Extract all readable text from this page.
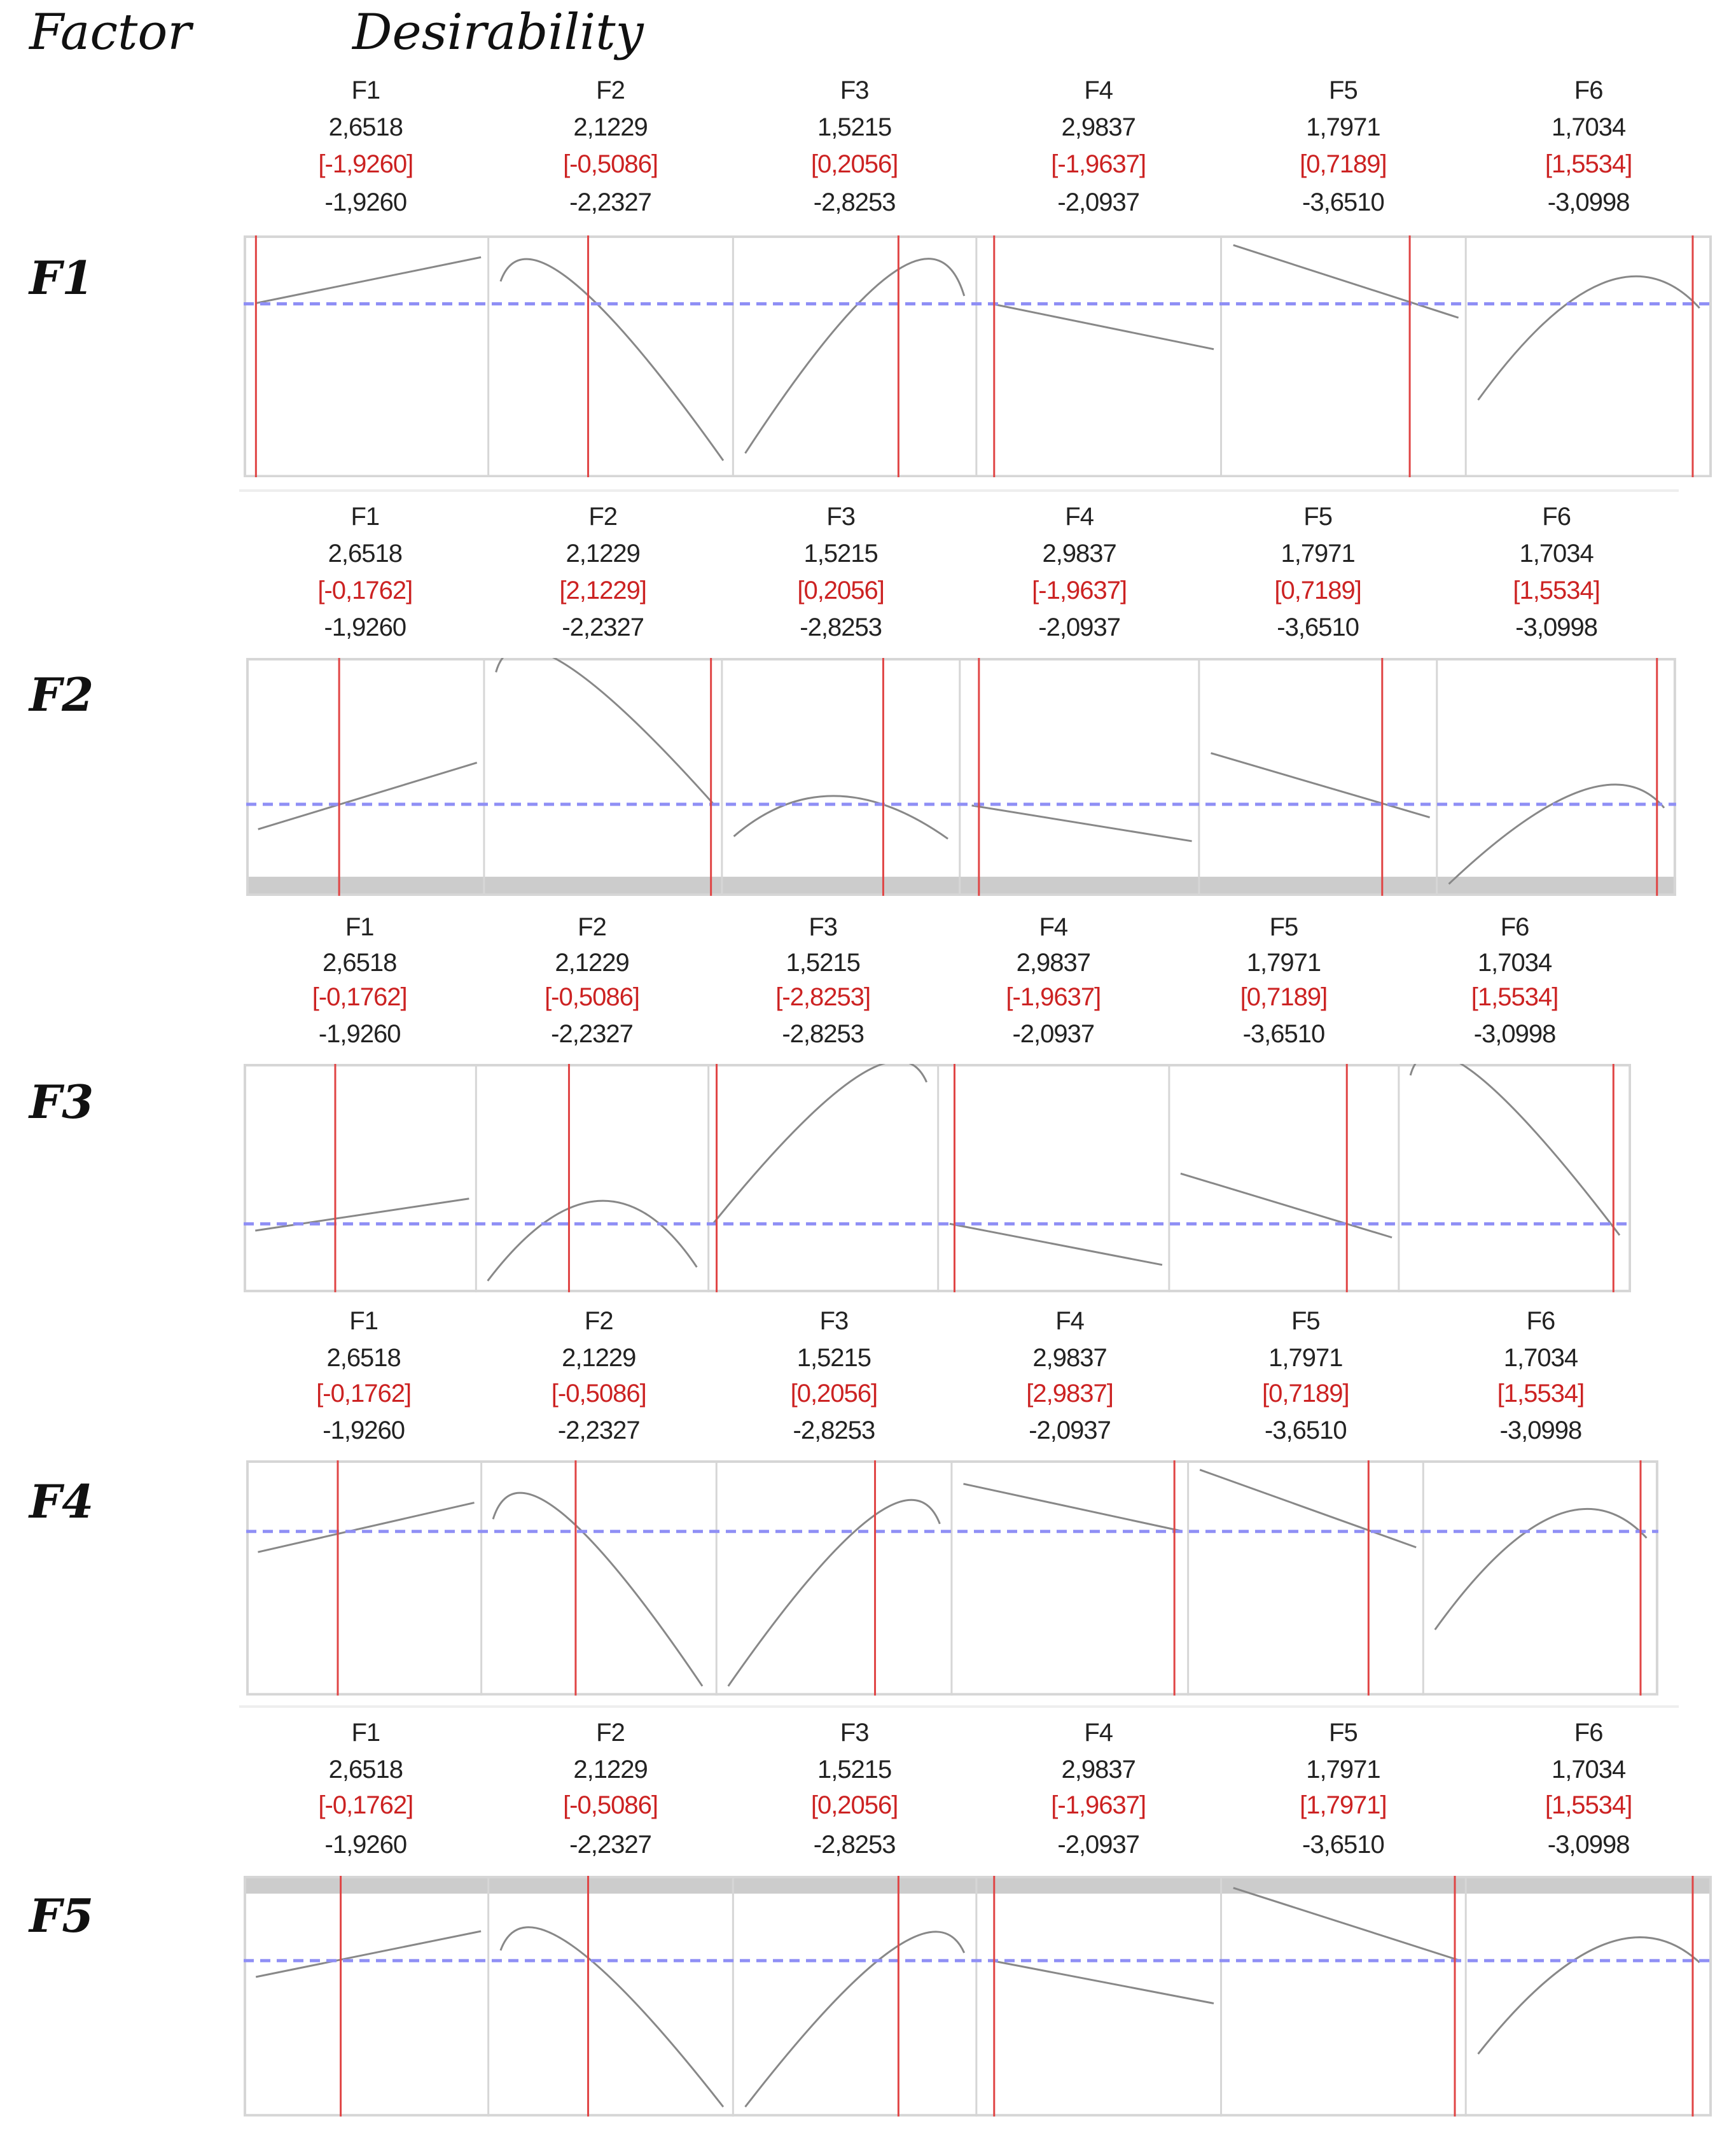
Factor	Desirability
F1
F1
2,6518
[-1,9260]
-1,9260
F2
2,1229
[-0,5086]
-2,2327
F3
1,5215
[0,2056]
-2,8253
F4
2,9837
[-1,9637]
-2,0937
F5
1,7971
[0,7189]
-3,6510
F6
1,7034
[1,5534]
-3,0998
F2
F1
2,6518
[-0,1762]
-1,9260
F2
2,1229
[2,1229]
-2,2327
F3
1,5215
[0,2056]
-2,8253
F4
2,9837
[-1,9637]
-2,0937
F5
1,7971
[0,7189]
-3,6510
F6
1,7034
[1,5534]
-3,0998
F3
F1
2,6518
[-0,1762]
-1,9260
F2
2,1229
[-0,5086]
-2,2327
F3
1,5215
[-2,8253]
-2,8253
F4
2,9837
[-1,9637]
-2,0937
F5
1,7971
[0,7189]
-3,6510
F6
1,7034
[1,5534]
-3,0998
F4
F1
2,6518
[-0,1762]
-1,9260
F2
2,1229
[-0,5086]
-2,2327
F3
1,5215
[0,2056]
-2,8253
F4
2,9837
[2,9837]
-2,0937
F5
1,7971
[0,7189]
-3,6510
F6
1,7034
[1,5534]
-3,0998
F5
F1
2,6518
[-0,1762]
-1,9260
F2
2,1229
[-0,5086]
-2,2327
F3
1,5215
[0,2056]
-2,8253
F4
2,9837
[-1,9637]
-2,0937
F5
1,7971
[1,7971]
-3,6510
F6
1,7034
[1,5534]
-3,0998
